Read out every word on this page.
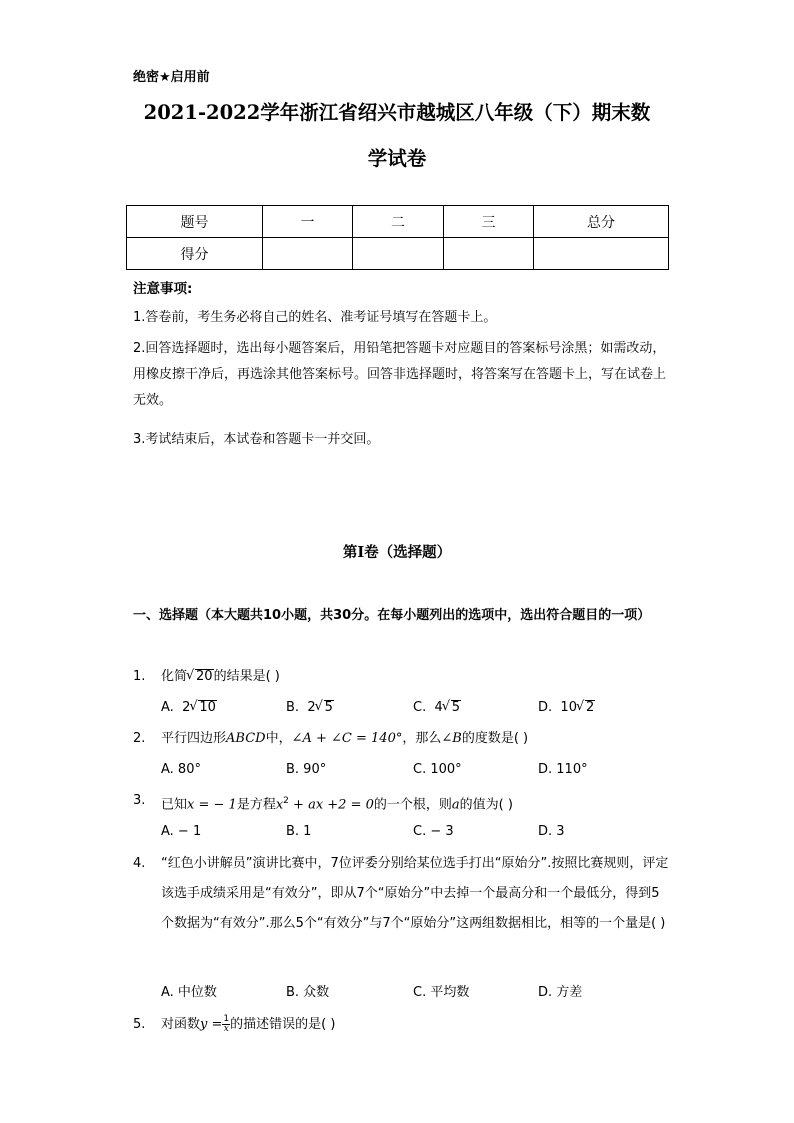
绝密★启用前
2021-2022学年浙江省绍兴市越城区八年级（下）期末数
学试卷
题号	一	二	三	总分
得分				
注意事项:

1.答卷前，考生务必将自己的姓名、准考证号填写在答题卡上。

2.回答选择题时，选出每小题答案后，用铅笔把答题卡对应题目的答案标号涂黑；如需改动，用橡皮擦干净后，再选涂其他答案标号。回答非选择题时，将答案写在答题卡上，写在试卷上无效。

3.考试结束后，本试卷和答题卡一并交回。

第Ⅰ卷（选择题）
一、选择题（本大题共10小题，共30分。在每小题列出的选项中，选出符合题目的一项）
1. 化简 √ 20的结果是( )
A. 2 √ 10	B. 2 √ 5	C. 4 √ 5	D. 10 √ 2
2. 平行四边形ABCD中，∠A + ∠C = 140°，那么∠B的度数是( )
A. 80°	B. 90°	C. 100°	D. 110°
3. 已知x = − 1是方程$x^2$ + ax +2 = 0的一个根，则a的值为( )
A. − 1	B. 1	C. − 3	D. 3
4. “红色小讲解员”演讲比赛中，7位评委分别给某位选手打出“原始分”.按照比赛规则，评定该选手成绩采用是“有效分”，即从7个“原始分”中去掉一个最高分和一个最低分，得到5个数据为“有效分”.那么5个“有效分”与7个“原始分”这两组数据相比，相等的一个量是( )
A. 中位数	B. 众数	C. 平均数	D. 方差
5. 对函数$y = \frac{1}{x}$ 的描述错误的是( )
